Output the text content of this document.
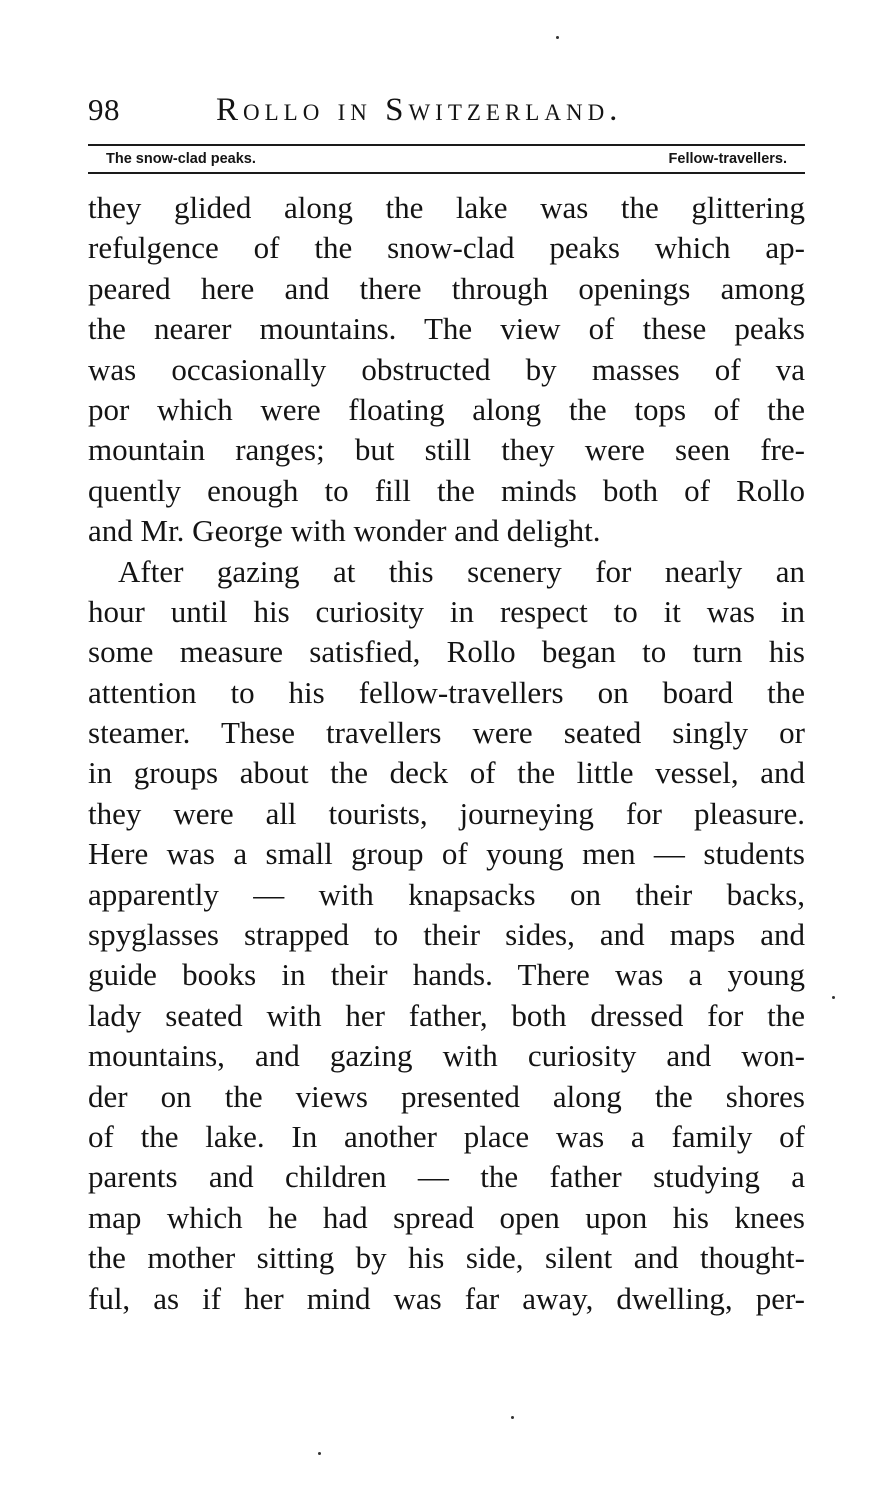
98	Rollo in Switzerland.
The snow-clad peaks.	Fellow-travellers.
they glided along the lake was the glittering
refulgence of the snow-clad peaks which ap-
peared here and there through openings among
the nearer mountains. The view of these peaks
was occasionally obstructed by masses of va
por which were floating along the tops of the
mountain ranges; but still they were seen fre-
quently enough to fill the minds both of Rollo
and Mr. George with wonder and delight.
After gazing at this scenery for nearly an
hour until his curiosity in respect to it was in
some measure satisfied, Rollo began to turn his
attention to his fellow-travellers on board the
steamer. These travellers were seated singly or
in groups about the deck of the little vessel, and
they were all tourists, journeying for pleasure.
Here was a small group of young men — students
apparently — with knapsacks on their backs,
spyglasses strapped to their sides, and maps and
guide books in their hands. There was a young
lady seated with her father, both dressed for the
mountains, and gazing with curiosity and won-
der on the views presented along the shores
of the lake. In another place was a family of
parents and children — the father studying a
map which he had spread open upon his knees
the mother sitting by his side, silent and thought-
ful, as if her mind was far away, dwelling, per-
